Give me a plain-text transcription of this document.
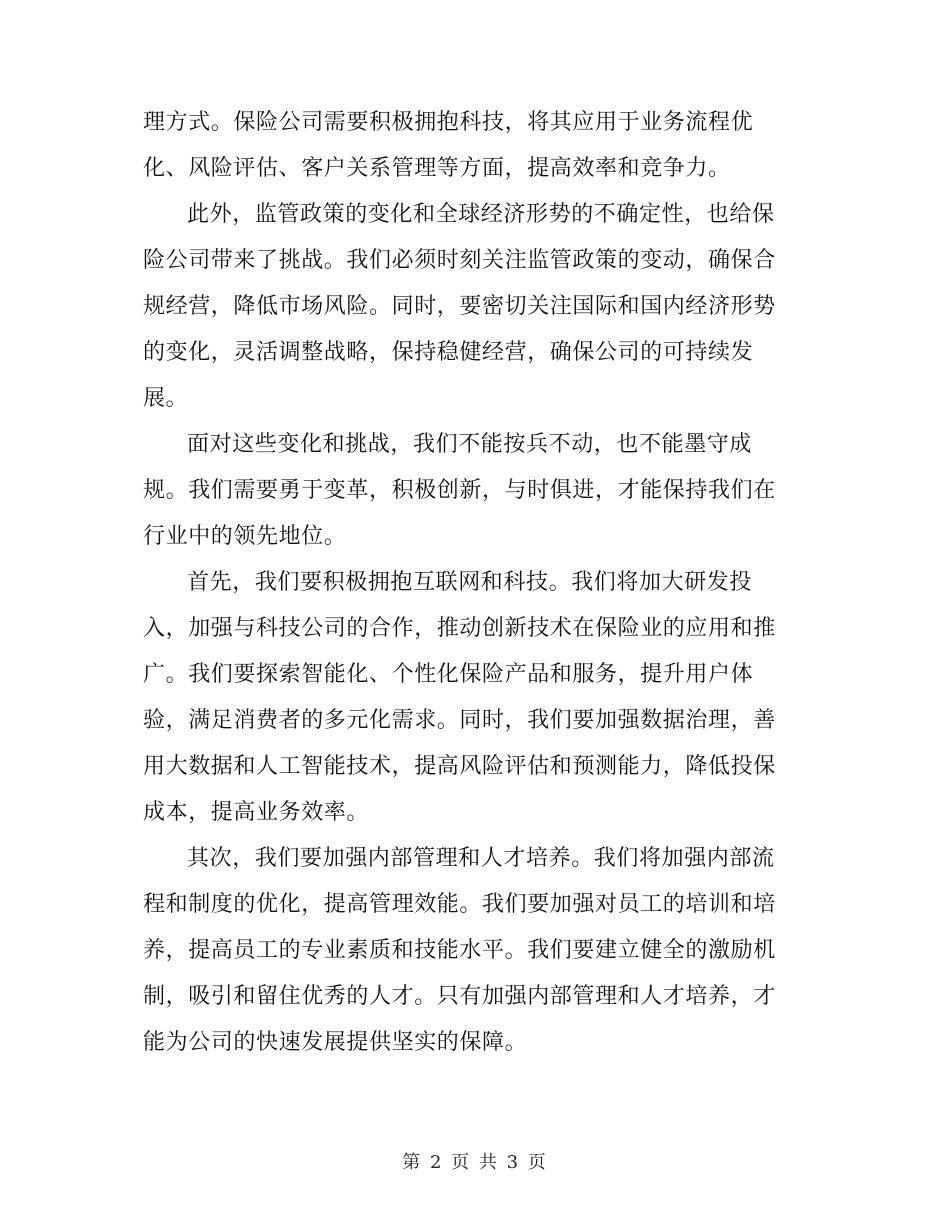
理方式。保险公司需要积极拥抱科技，将其应用于业务流程优
化、风险评估、客户关系管理等方面，提高效率和竞争力。
此外，监管政策的变化和全球经济形势的不确定性，也给保
险公司带来了挑战。我们必须时刻关注监管政策的变动，确保合
规经营，降低市场风险。同时，要密切关注国际和国内经济形势
的变化，灵活调整战略，保持稳健经营，确保公司的可持续发
展。
面对这些变化和挑战，我们不能按兵不动，也不能墨守成
规。我们需要勇于变革，积极创新，与时俱进，才能保持我们在
行业中的领先地位。
首先，我们要积极拥抱互联网和科技。我们将加大研发投
入，加强与科技公司的合作，推动创新技术在保险业的应用和推
广。我们要探索智能化、个性化保险产品和服务，提升用户体
验，满足消费者的多元化需求。同时，我们要加强数据治理，善
用大数据和人工智能技术，提高风险评估和预测能力，降低投保
成本，提高业务效率。
其次，我们要加强内部管理和人才培养。我们将加强内部流
程和制度的优化，提高管理效能。我们要加强对员工的培训和培
养，提高员工的专业素质和技能水平。我们要建立健全的激励机
制，吸引和留住优秀的人才。只有加强内部管理和人才培养，才
能为公司的快速发展提供坚实的保障。
第 2 页 共 3 页
